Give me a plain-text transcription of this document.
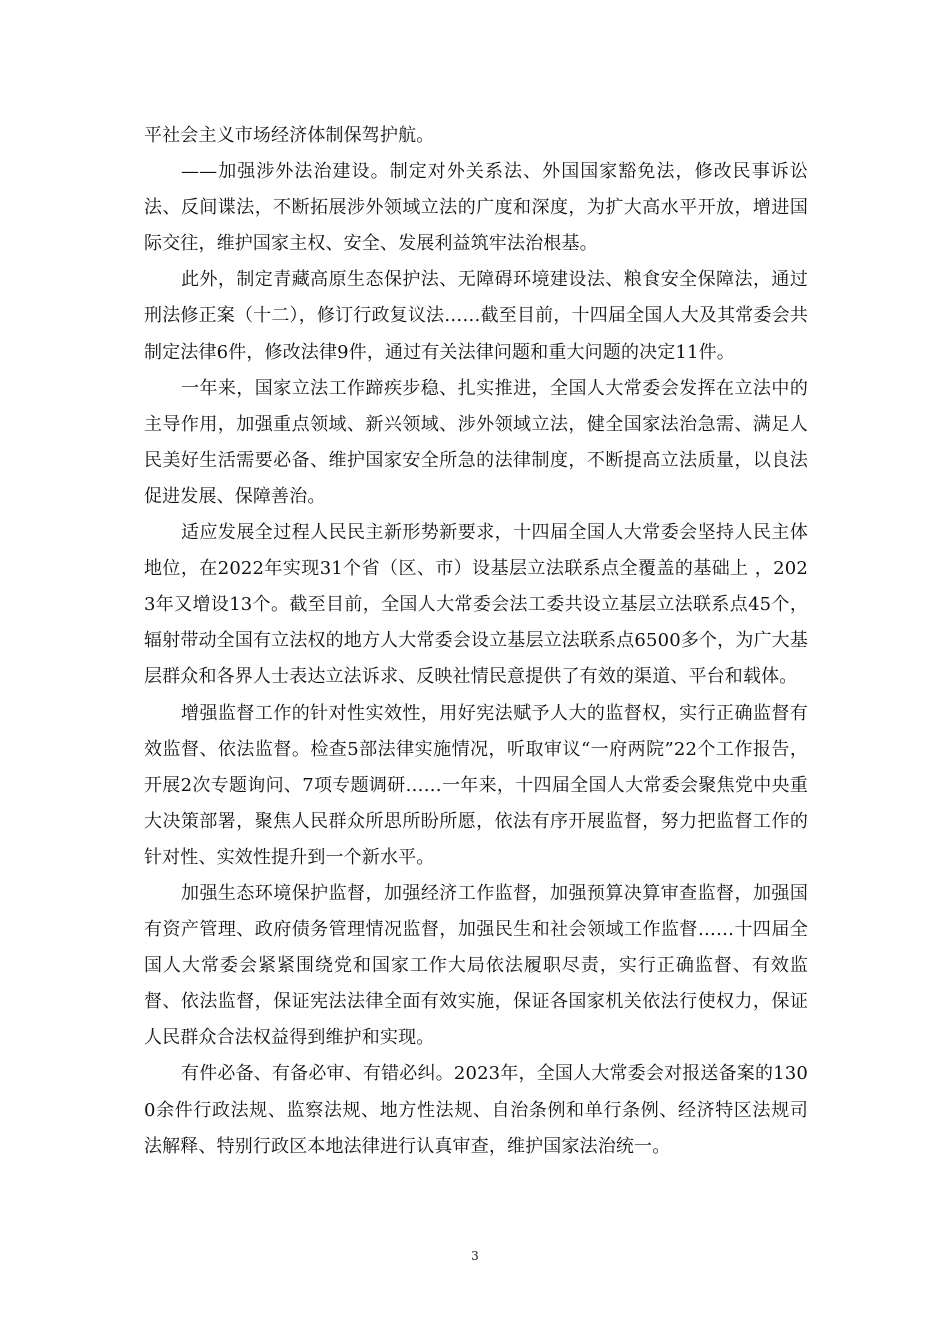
平社会主义市场经济体制保驾护航。

——加强涉外法治建设。制定对外关系法、外国国家豁免法，修改民事诉讼法、反间谍法，不断拓展涉外领域立法的广度和深度，为扩大高水平开放，增进国际交往，维护国家主权、安全、发展利益筑牢法治根基。

此外，制定青藏高原生态保护法、无障碍环境建设法、粮食安全保障法，通过刑法修正案（十二），修订行政复议法……截至目前，十四届全国人大及其常委会共制定法律6件，修改法律9件，通过有关法律问题和重大问题的决定11件。

一年来，国家立法工作蹄疾步稳、扎实推进，全国人大常委会发挥在立法中的主导作用，加强重点领域、新兴领域、涉外领域立法，健全国家法治急需、满足人民美好生活需要必备、维护国家安全所急的法律制度，不断提高立法质量，以良法促进发展、保障善治。

适应发展全过程人民民主新形势新要求，十四届全国人大常委会坚持人民主体地位，在2022年实现31个省（区、市）设基层立法联系点全覆盖的基础上 ，2023年又增设13个。截至目前，全国人大常委会法工委共设立基层立法联系点45个，辐射带动全国有立法权的地方人大常委会设立基层立法联系点6500多个，为广大基层群众和各界人士表达立法诉求、反映社情民意提供了有效的渠道、平台和载体。

增强监督工作的针对性实效性，用好宪法赋予人大的监督权，实行正确监督有效监督、依法监督。检查5部法律实施情况，听取审议“一府两院”22个工作报告，开展2次专题询问、7项专题调研……一年来，十四届全国人大常委会聚焦党中央重大决策部署，聚焦人民群众所思所盼所愿，依法有序开展监督，努力把监督工作的针对性、实效性提升到一个新水平。

加强生态环境保护监督，加强经济工作监督，加强预算决算审查监督，加强国有资产管理、政府债务管理情况监督，加强民生和社会领域工作监督……十四届全国人大常委会紧紧围绕党和国家工作大局依法履职尽责，实行正确监督、有效监督、依法监督，保证宪法法律全面有效实施，保证各国家机关依法行使权力，保证人民群众合法权益得到维护和实现。

有件必备、有备必审、有错必纠。2023年，全国人大常委会对报送备案的1300余件行政法规、监察法规、地方性法规、自治条例和单行条例、经济特区法规司法解释、特别行政区本地法律进行认真审查，维护国家法治统一。

3
